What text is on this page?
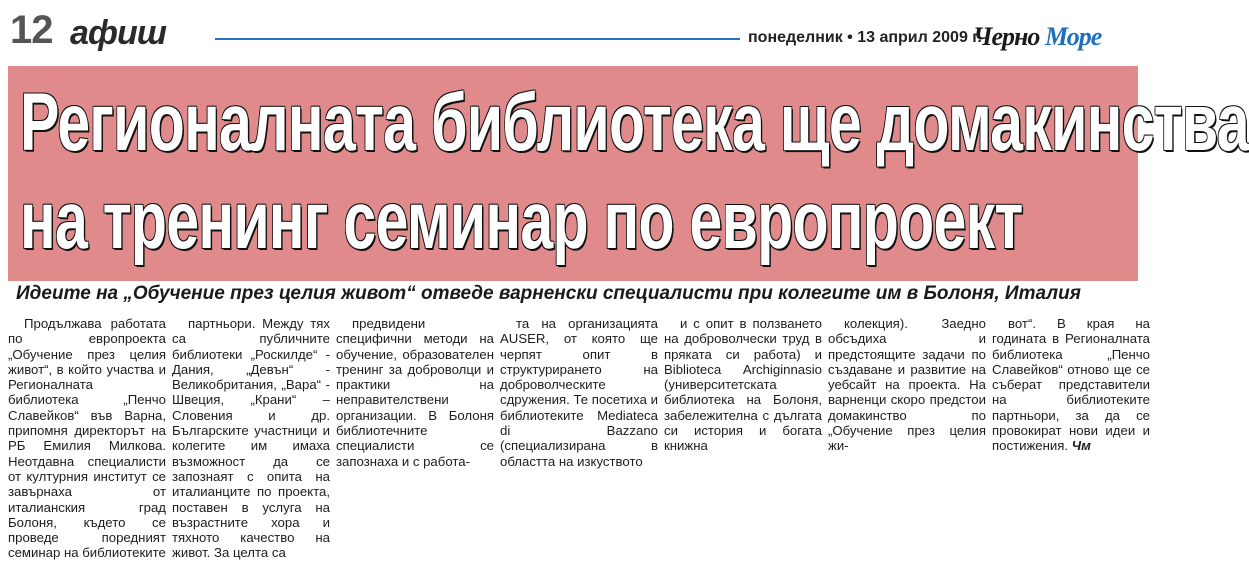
12 афиш	понеделник • 13 април 2009 г.
Черно Море
Регионалната библиотека ще домакинства
на тренинг семинар по европроект
Идеите на „Обучение през целия живот“ отведе варненски специалисти при колегите им в Болоня, Италия

Продължава работата по европроекта „Обучение през целия живот“, в който участва и Регионалната библиотека „Пенчо Славейков“ във Варна, припомня директорът на РБ Емилия Милкова. Неотдавна специалисти от културния институт се завърнаха от италианския град Болоня, където се проведе поредният семинар на библиотеките

партньори. Между тях са публичните библиотеки „Роскилде“ - Дания, „Девън“ - Великобритания, „Вара“ - Швеция, „Крани“ – Словения и др. Българските участници и колегите им имаха възможност да се запознаят с опита на италианците по проекта, поставен в услуга на възрастните хора и тяхното качество на живот. За целта са

предвидени специфични методи на обучение, образователен тренинг за доброволци и практики на неправителствени организации. В Болоня библиотечните специалисти се запознаха и с работа-

та на организацията AUSER, от която ще черпят опит в структурирането на доброволческите сдружения. Те посетиха и библиотеките Mediateca di Bazzano (специализирана в областта на изкуството

и с опит в ползването на доброволчески труд в пряката си работа) и Biblioteca Archiginnasio (университетската библиотека на Болоня, забележителна с дългата си история и богата книжна

колекция). Заедно обсъдиха и предстоящите задачи по създаване и развитие на уебсайт на проекта. На варненци скоро предстои домакинство по „Обучение през целия жи-

вот“. В края на годината в Регионалната библиотека „Пенчо Славейков“ отново ще се съберат представители на библиотеките партньори, за да се провокират нови идеи и постижения. Чм
